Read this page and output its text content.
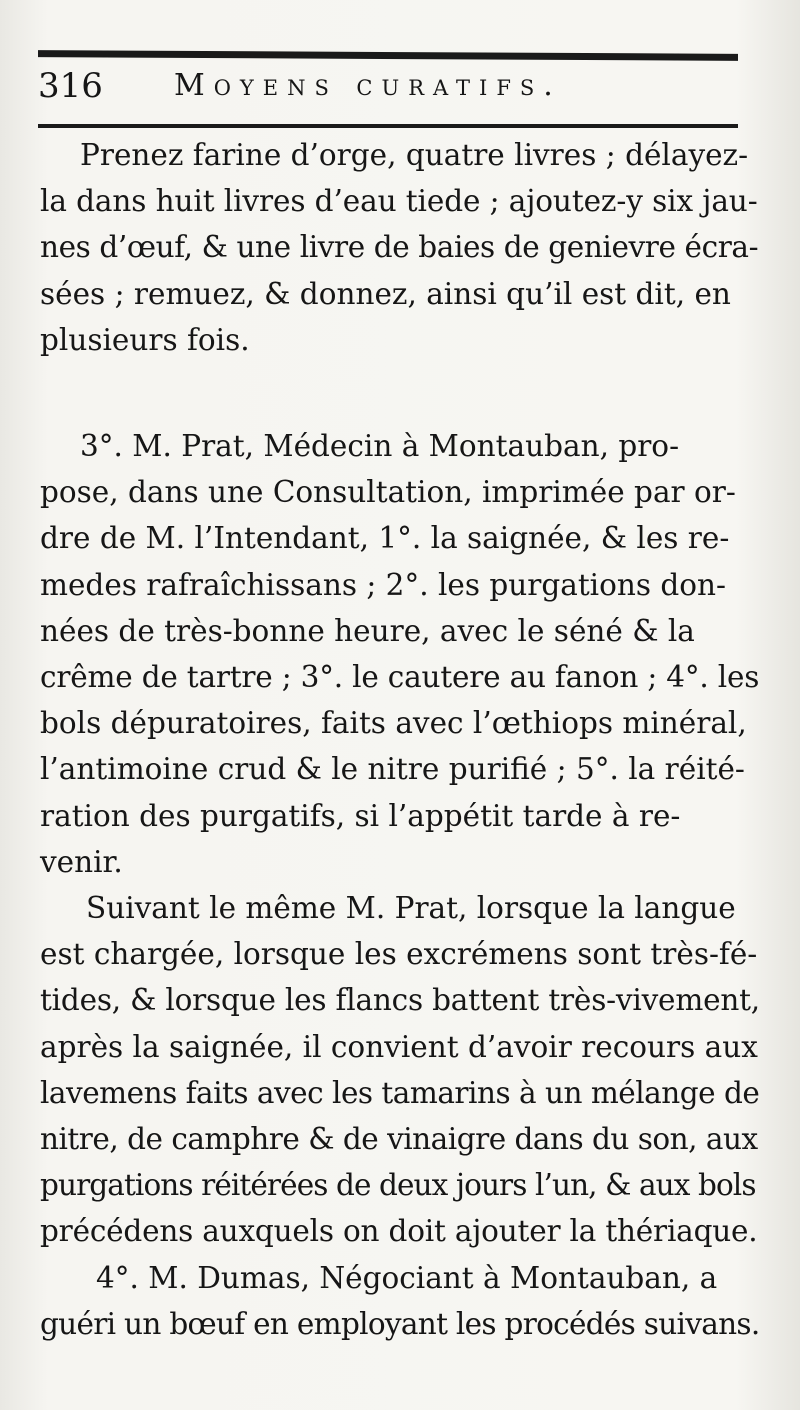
316 Moyens curatifs.

Prenez farine d’orge, quatre livres ; délayez-
la dans huit livres d’eau tiede ; ajoutez-y six jau-
nes d’œuf, & une livre de baies de genievre écra-
sées ; remuez, & donnez, ainsi qu’il est dit, en
plusieurs fois.

3°. M. Prat, Médecin à Montauban, pro-
pose, dans une Consultation, imprimée par or-
dre de M. l’Intendant, 1°. la saignée, & les re-
medes rafraîchissans ; 2°. les purgations don-
nées de très-bonne heure, avec le séné & la
crême de tartre ; 3°. le cautere au fanon ; 4°. les
bols dépuratoires, faits avec l’œthiops minéral,
l’antimoine crud & le nitre purifié ; 5°. la réité-
ration des purgatifs, si l’appétit tarde à re-
venir.

Suivant le même M. Prat, lorsque la langue
est chargée, lorsque les excrémens sont très-fé-
tides, & lorsque les flancs battent très-vivement,
après la saignée, il convient d’avoir recours aux
lavemens faits avec les tamarins à un mélange de
nitre, de camphre & de vinaigre dans du son, aux
purgations réitérées de deux jours l’un, & aux bols
précédens auxquels on doit ajouter la thériaque.

4°. M. Dumas, Négociant à Montauban, a
guéri un bœuf en employant les procédés suivans.
